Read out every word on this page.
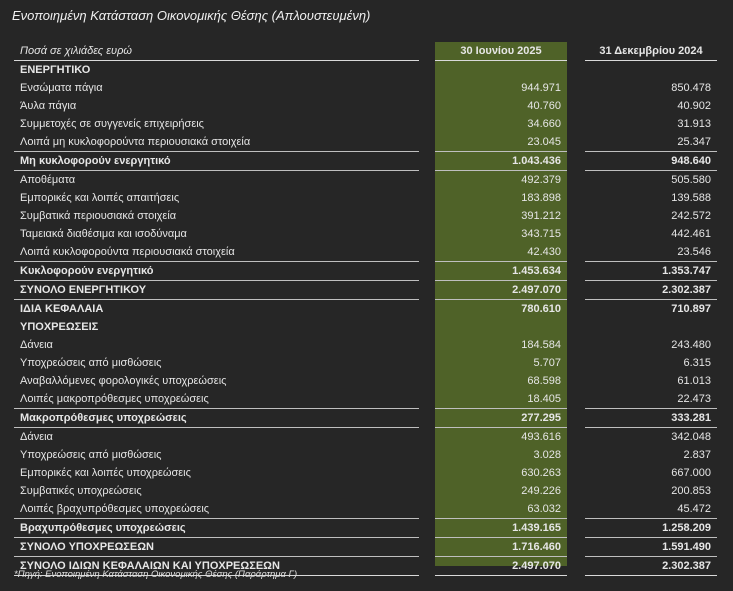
Ενοποιημένη Κατάσταση Οικονομικής Θέσης (Απλουστευμένη)
Ποσά σε χιλιάδες ευρώ		30 Ιουνίου 2025		31 Δεκεμβρίου 2024
ΕΝΕΡΓΗΤΙΚΟ				
Ενσώματα πάγια		944.971		850.478
Άυλα πάγια		40.760		40.902
Συμμετοχές σε συγγενείς επιχειρήσεις		34.660		31.913
Λοιπά μη κυκλοφορούντα περιουσιακά στοιχεία		23.045		25.347
Μη κυκλοφορούν ενεργητικό		1.043.436		948.640
Αποθέματα		492.379		505.580
Εμπορικές και λοιπές απαιτήσεις		183.898		139.588
Συμβατικά περιουσιακά στοιχεία		391.212		242.572
Ταμειακά διαθέσιμα και ισοδύναμα		343.715		442.461
Λοιπά κυκλοφορούντα περιουσιακά στοιχεία		42.430		23.546
Κυκλοφορούν ενεργητικό		1.453.634		1.353.747
ΣΥΝΟΛΟ ΕΝΕΡΓΗΤΙΚΟΥ		2.497.070		2.302.387
ΙΔΙΑ ΚΕΦΑΛΑΙΑ		780.610		710.897
ΥΠΟΧΡΕΩΣΕΙΣ				
Δάνεια		184.584		243.480
Υποχρεώσεις από μισθώσεις		5.707		6.315
Αναβαλλόμενες φορολογικές υποχρεώσεις		68.598		61.013
Λοιπές μακροπρόθεσμες υποχρεώσεις		18.405		22.473
Μακροπρόθεσμες υποχρεώσεις		277.295		333.281
Δάνεια		493.616		342.048
Υποχρεώσεις από μισθώσεις		3.028		2.837
Εμπορικές και λοιπές υποχρεώσεις		630.263		667.000
Συμβατικές υποχρεώσεις		249.226		200.853
Λοιπές βραχυπρόθεσμες υποχρεώσεις		63.032		45.472
Βραχυπρόθεσμες υποχρεώσεις		1.439.165		1.258.209
ΣΥΝΟΛΟ ΥΠΟΧΡΕΩΣΕΩΝ		1.716.460		1.591.490
ΣΥΝΟΛΟ ΙΔΙΩΝ ΚΕΦΑΛΑΙΩΝ ΚΑΙ ΥΠΟΧΡΕΩΣΕΩΝ		2.497.070		2.302.387
*Πηγή: Ενοποιημένη Κατάσταση Οικονομικής Θέσης (Παράρτημα Γ)
